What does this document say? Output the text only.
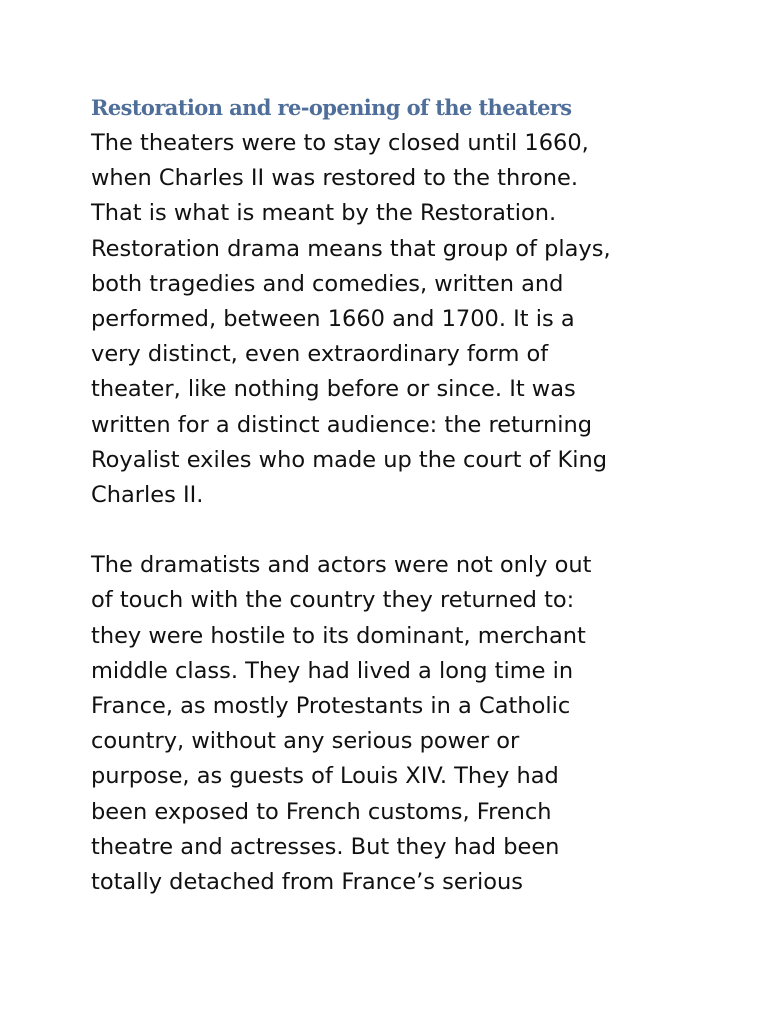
Restoration and re-opening of the theaters
The theaters were to stay closed until 1660,
when Charles II was restored to the throne.
That is what is meant by the Restoration.
Restoration drama means that group of plays,
both tragedies and comedies, written and
performed, between 1660 and 1700. It is a
very distinct, even extraordinary form of
theater, like nothing before or since. It was
written for a distinct audience: the returning
Royalist exiles who made up the court of King
Charles II.
The dramatists and actors were not only out
of touch with the country they returned to:
they were hostile to its dominant, merchant
middle class. They had lived a long time in
France, as mostly Protestants in a Catholic
country, without any serious power or
purpose, as guests of Louis XIV. They had
been exposed to French customs, French
theatre and actresses. But they had been
totally detached from France’s serious
